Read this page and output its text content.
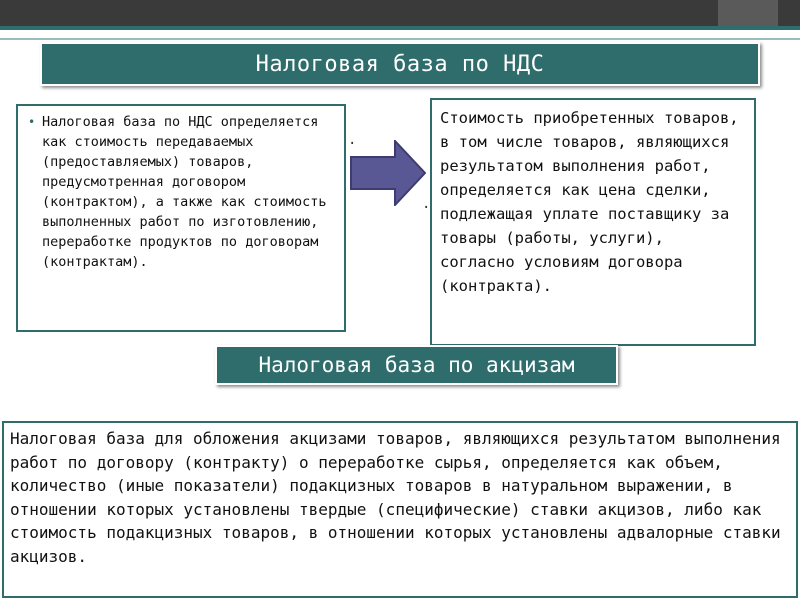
Налоговая база по НДС
• Налоговая база по НДС определяется как стоимость передаваемых (предоставляемых) товаров, предусмотренная договором (контрактом), а также как стоимость выполненных работ по изготовлению, переработке продуктов по договорам (контрактам).
.
.
Стоимость приобретенных товаров, в том числе товаров, являющихся результатом выполнения работ, определяется как цена сделки, подлежащая уплате поставщику за товары (работы, услуги), согласно условиям договора (контракта).
Налоговая база по акцизам
Налоговая база для обложения акцизами товаров, являющихся результатом выполнения работ по договору (контракту) о переработке сырья, определяется как объем, количество (иные показатели) подакцизных товаров в натуральном выражении, в отношении которых установлены твердые (специфические) ставки акцизов, либо как стоимость подакцизных товаров, в отношении которых установлены адвалорные ставки акцизов.
